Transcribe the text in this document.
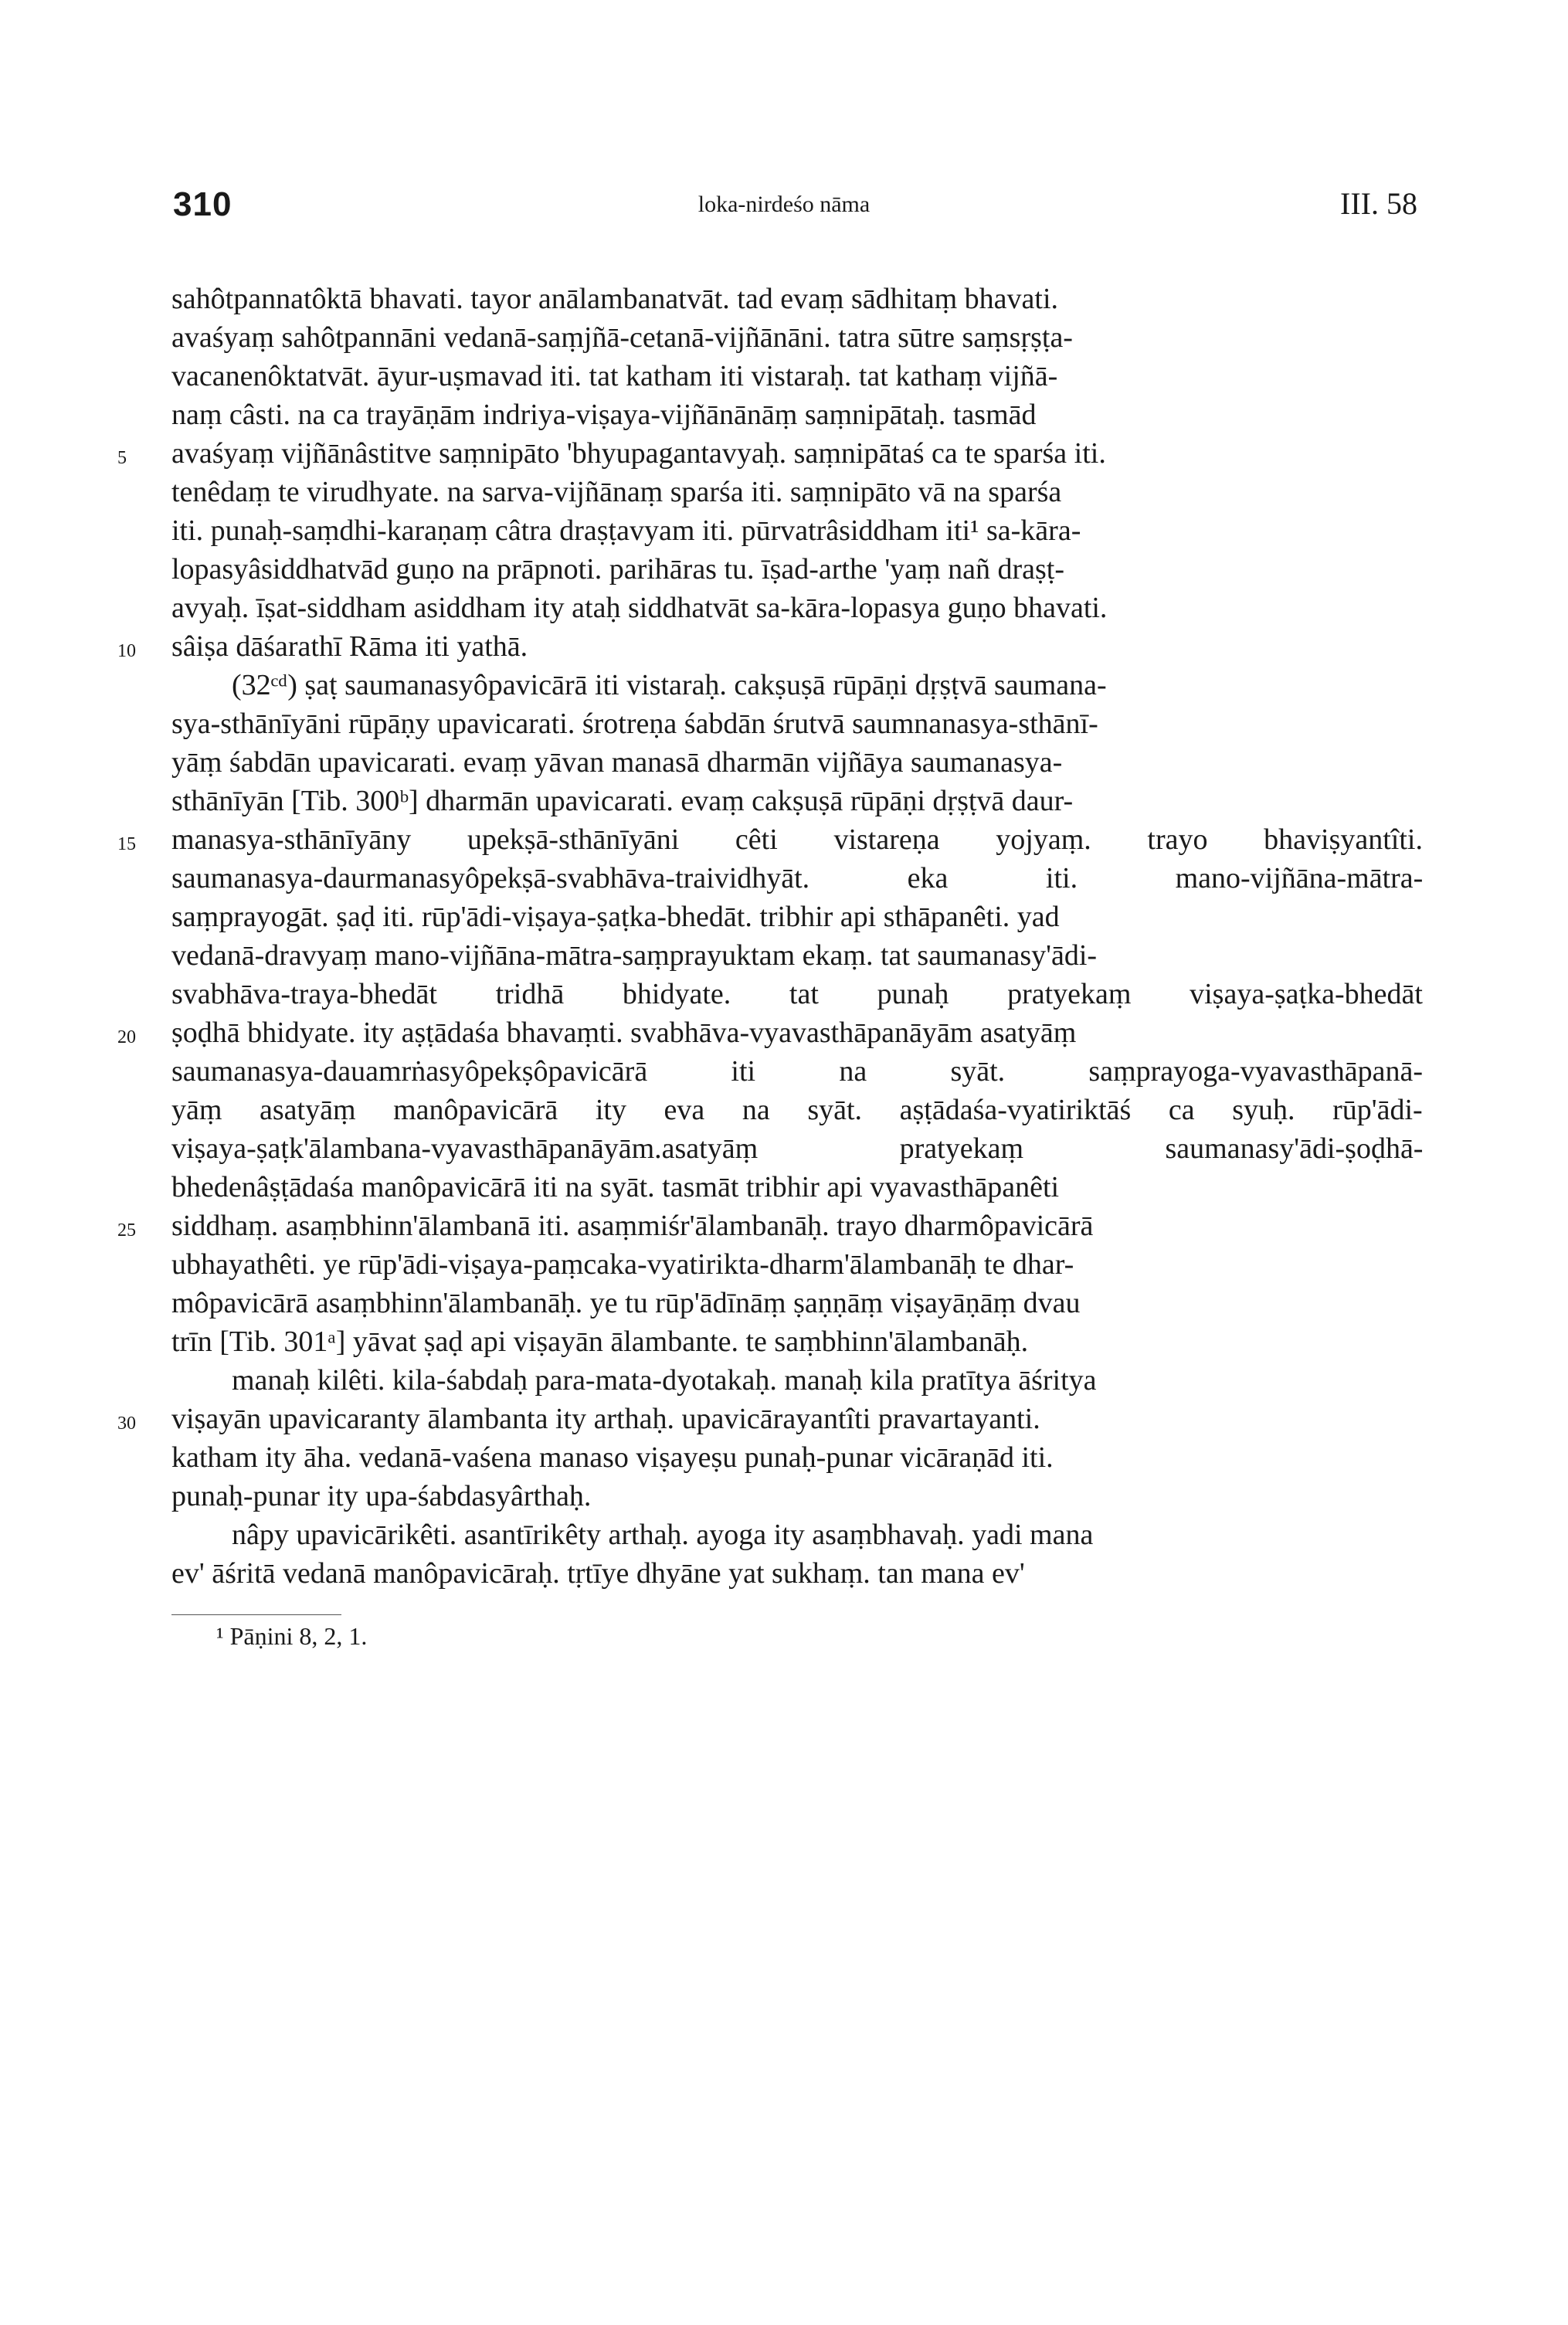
310	loka-nirdeśo nāma	III. 58
sahôtpannatôktā bhavati. tayor anālambanatvāt. tad evaṃ sādhitaṃ bhavati.
avaśyaṃ sahôtpannāni vedanā-saṃjñā-cetanā-vijñānāni. tatra sūtre saṃsṛṣṭa-
vacanenôktatvāt. āyur-uṣmavad iti. tat katham iti vistaraḥ. tat kathaṃ vijñā-
naṃ câsti. na ca trayāṇām indriya-viṣaya-vijñānānāṃ saṃnipātaḥ. tasmād
avaśyaṃ vijñānâstitve saṃnipāto 'bhyupagantavyaḥ. saṃnipātaś ca te sparśa iti.
tenêdaṃ te virudhyate. na sarva-vijñānaṃ sparśa iti. saṃnipāto vā na sparśa
iti. punaḥ-saṃdhi-karaṇaṃ câtra draṣṭavyam iti. pūrvatrâsiddham iti¹ sa-kāra-
lopasyâsiddhatvād guṇo na prāpnoti. parihāras tu. īṣad-arthe 'yaṃ nañ draṣṭ-
avyaḥ. īṣat-siddham asiddham ity ataḥ siddhatvāt sa-kāra-lopasya guṇo bhavati.
sâiṣa dāśarathī Rāma iti yathā.
(32ᶜᵈ) ṣaṭ saumanasyôpavicārā iti vistaraḥ. cakṣuṣā rūpāṇi dṛṣṭvā saumana-
sya-sthānīyāni rūpāṇy upavicarati. śrotreṇa śabdān śrutvā saumnanasya-sthānī-
yāṃ śabdān upavicarati. evaṃ yāvan manasā dharmān vijñāya saumanasya-
sthānīyān [Tib. 300ᵇ] dharmān upavicarati. evaṃ cakṣuṣā rūpāṇi dṛṣṭvā daur-
manasya-sthānīyāny upekṣā-sthānīyāni cêti vistareṇa yojyaṃ. trayo bhaviṣyantîti.
saumanasya-daurmanasyôpekṣā-svabhāva-traividhyāt. eka iti. mano-vijñāna-mātra-
saṃprayogāt. ṣaḍ iti. rūp'ādi-viṣaya-ṣaṭka-bhedāt. tribhir api sthāpanêti. yad
vedanā-dravyaṃ mano-vijñāna-mātra-saṃprayuktam ekaṃ. tat saumanasy'ādi-
svabhāva-traya-bhedāt tridhā bhidyate. tat punaḥ pratyekaṃ viṣaya-ṣaṭka-bhedāt
ṣoḍhā bhidyate. ity aṣṭādaśa bhavaṃti. svabhāva-vyavasthāpanāyām asatyāṃ
saumanasya-dauamrṅasyôpekṣôpavicārā iti na syāt. saṃprayoga-vyavasthāpanā-
yāṃ asatyāṃ manôpavicārā ity eva na syāt. aṣṭādaśa-vyatiriktāś ca syuḥ. rūp'ādi-
viṣaya-ṣaṭk'ālambana-vyavasthāpanāyām.asatyāṃ pratyekaṃ saumanasy'ādi-ṣoḍhā-
bhedenâṣṭādaśa manôpavicārā iti na syāt. tasmāt tribhir api vyavasthāpanêti
siddhaṃ. asaṃbhinn'ālambanā iti. asaṃmiśr'ālambanāḥ. trayo dharmôpavicārā
ubhayathêti. ye rūp'ādi-viṣaya-paṃcaka-vyatirikta-dharm'ālambanāḥ te dhar-
môpavicārā asaṃbhinn'ālambanāḥ. ye tu rūp'ādīnāṃ ṣaṇṇāṃ viṣayāṇāṃ dvau
trīn [Tib. 301ᵃ] yāvat ṣaḍ api viṣayān ālambante. te saṃbhinn'ālambanāḥ.
manaḥ kilêti. kila-śabdaḥ para-mata-dyotakaḥ. manaḥ kila pratītya āśritya
viṣayān upavicaranty ālambanta ity arthaḥ. upavicārayantîti pravartayanti.
katham ity āha. vedanā-vaśena manaso viṣayeṣu punaḥ-punar vicāraṇād iti.
punaḥ-punar ity upa-śabdasyârthaḥ.
nâpy upavicārikêti. asantīrikêty arthaḥ. ayoga ity asaṃbhavaḥ. yadi mana
ev' āśritā vedanā manôpavicāraḥ. tṛtīye dhyāne yat sukhaṃ. tan mana ev'
5
10
15
20
25
30
¹ Pāṇini 8, 2, 1.
